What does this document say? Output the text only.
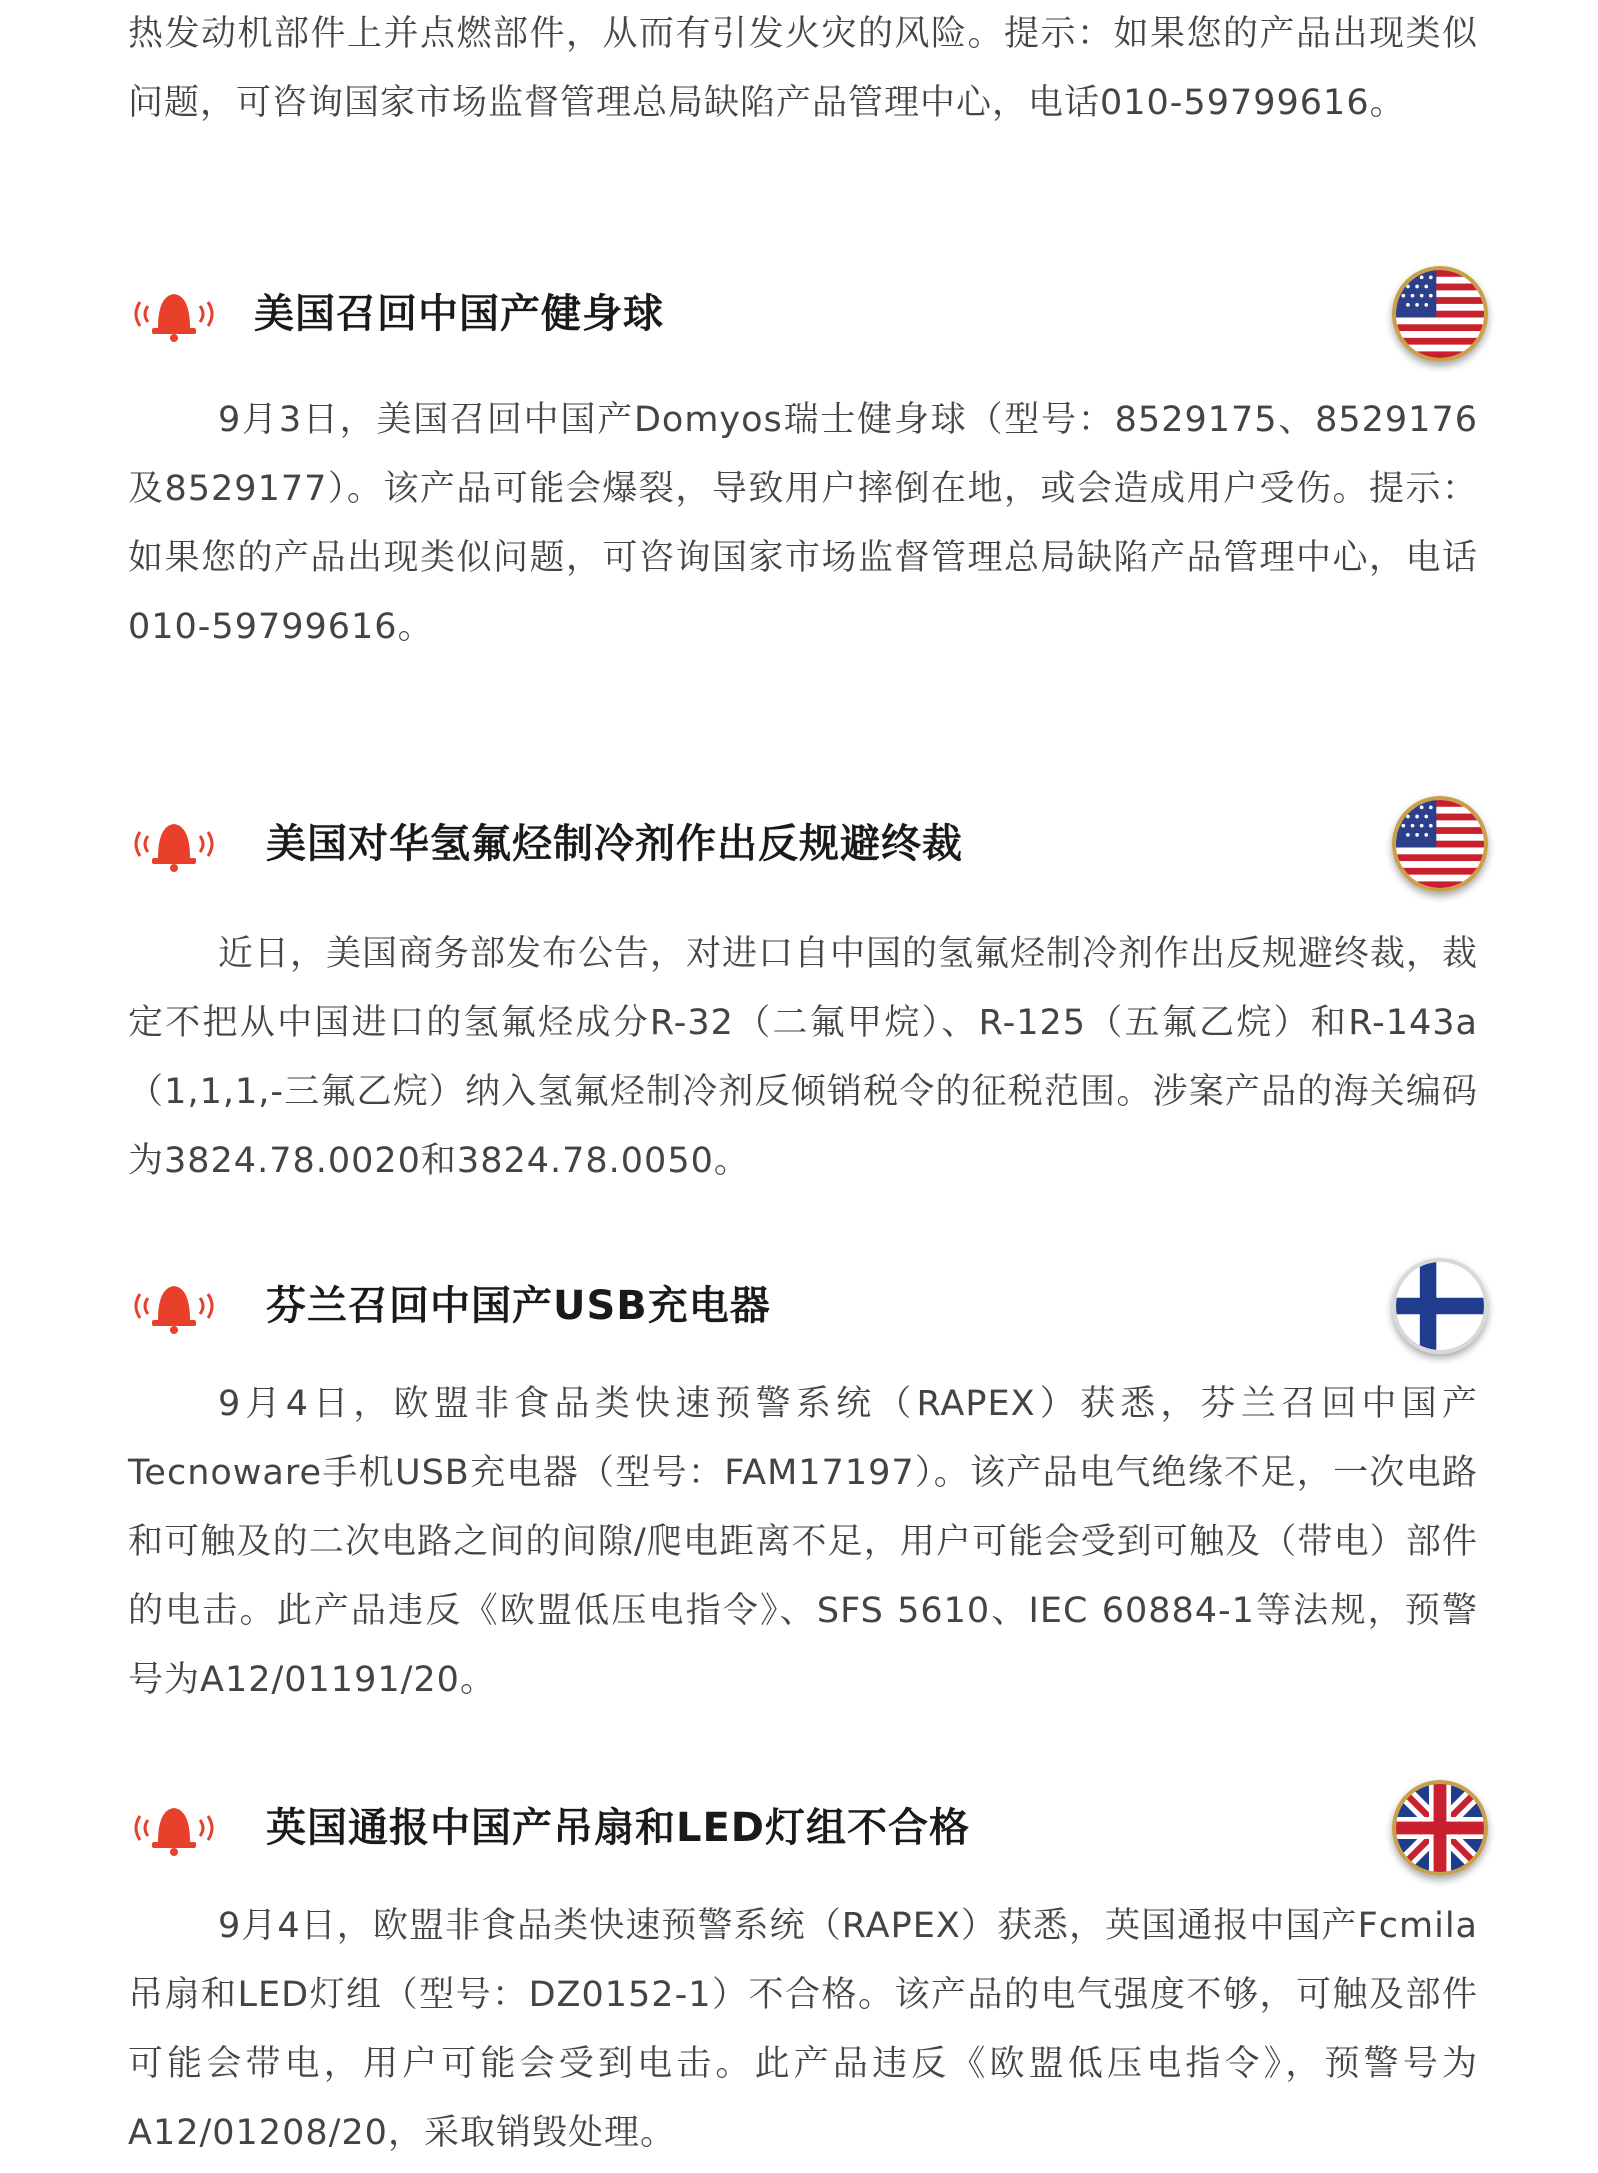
热发动机部件上并点燃部件，从而有引发火灾的风险。提示：如果您的产品出现类似问题，可咨询国家市场监督管理总局缺陷产品管理中心，电话010-59799616。

美国召回中国产健身球

9月3日，美国召回中国产Domyos瑞士健身球（型号：8529175、8529176及8529177）。该产品可能会爆裂，导致用户摔倒在地，或会造成用户受伤。提示：如果您的产品出现类似问题，可咨询国家市场监督管理总局缺陷产品管理中心，电话010-59799616。

美国对华氢氟烃制冷剂作出反规避终裁

近日，美国商务部发布公告，对进口自中国的氢氟烃制冷剂作出反规避终裁，裁定不把从中国进口的氢氟烃成分R-32（二氟甲烷）、R-125（五氟乙烷）和R-143a（1,1,1,-三氟乙烷）纳入氢氟烃制冷剂反倾销税令的征税范围。涉案产品的海关编码为3824.78.0020和3824.78.0050。

芬兰召回中国产USB充电器

9月4日，欧盟非食品类快速预警系统（RAPEX）获悉，芬兰召回中国产Tecnoware手机USB充电器（型号：FAM17197）。该产品电气绝缘不足，一次电路和可触及的二次电路之间的间隙/爬电距离不足，用户可能会受到可触及（带电）部件的电击。此产品违反《欧盟低压电指令》、SFS 5610、IEC 60884-1等法规，预警号为A12/01191/20。

英国通报中国产吊扇和LED灯组不合格

9月4日，欧盟非食品类快速预警系统（RAPEX）获悉，英国通报中国产Fcmila吊扇和LED灯组（型号：DZ0152-1）不合格。该产品的电气强度不够，可触及部件可能会带电，用户可能会受到电击。此产品违反《欧盟低压电指令》，预警号为A12/01208/20，采取销毁处理。
